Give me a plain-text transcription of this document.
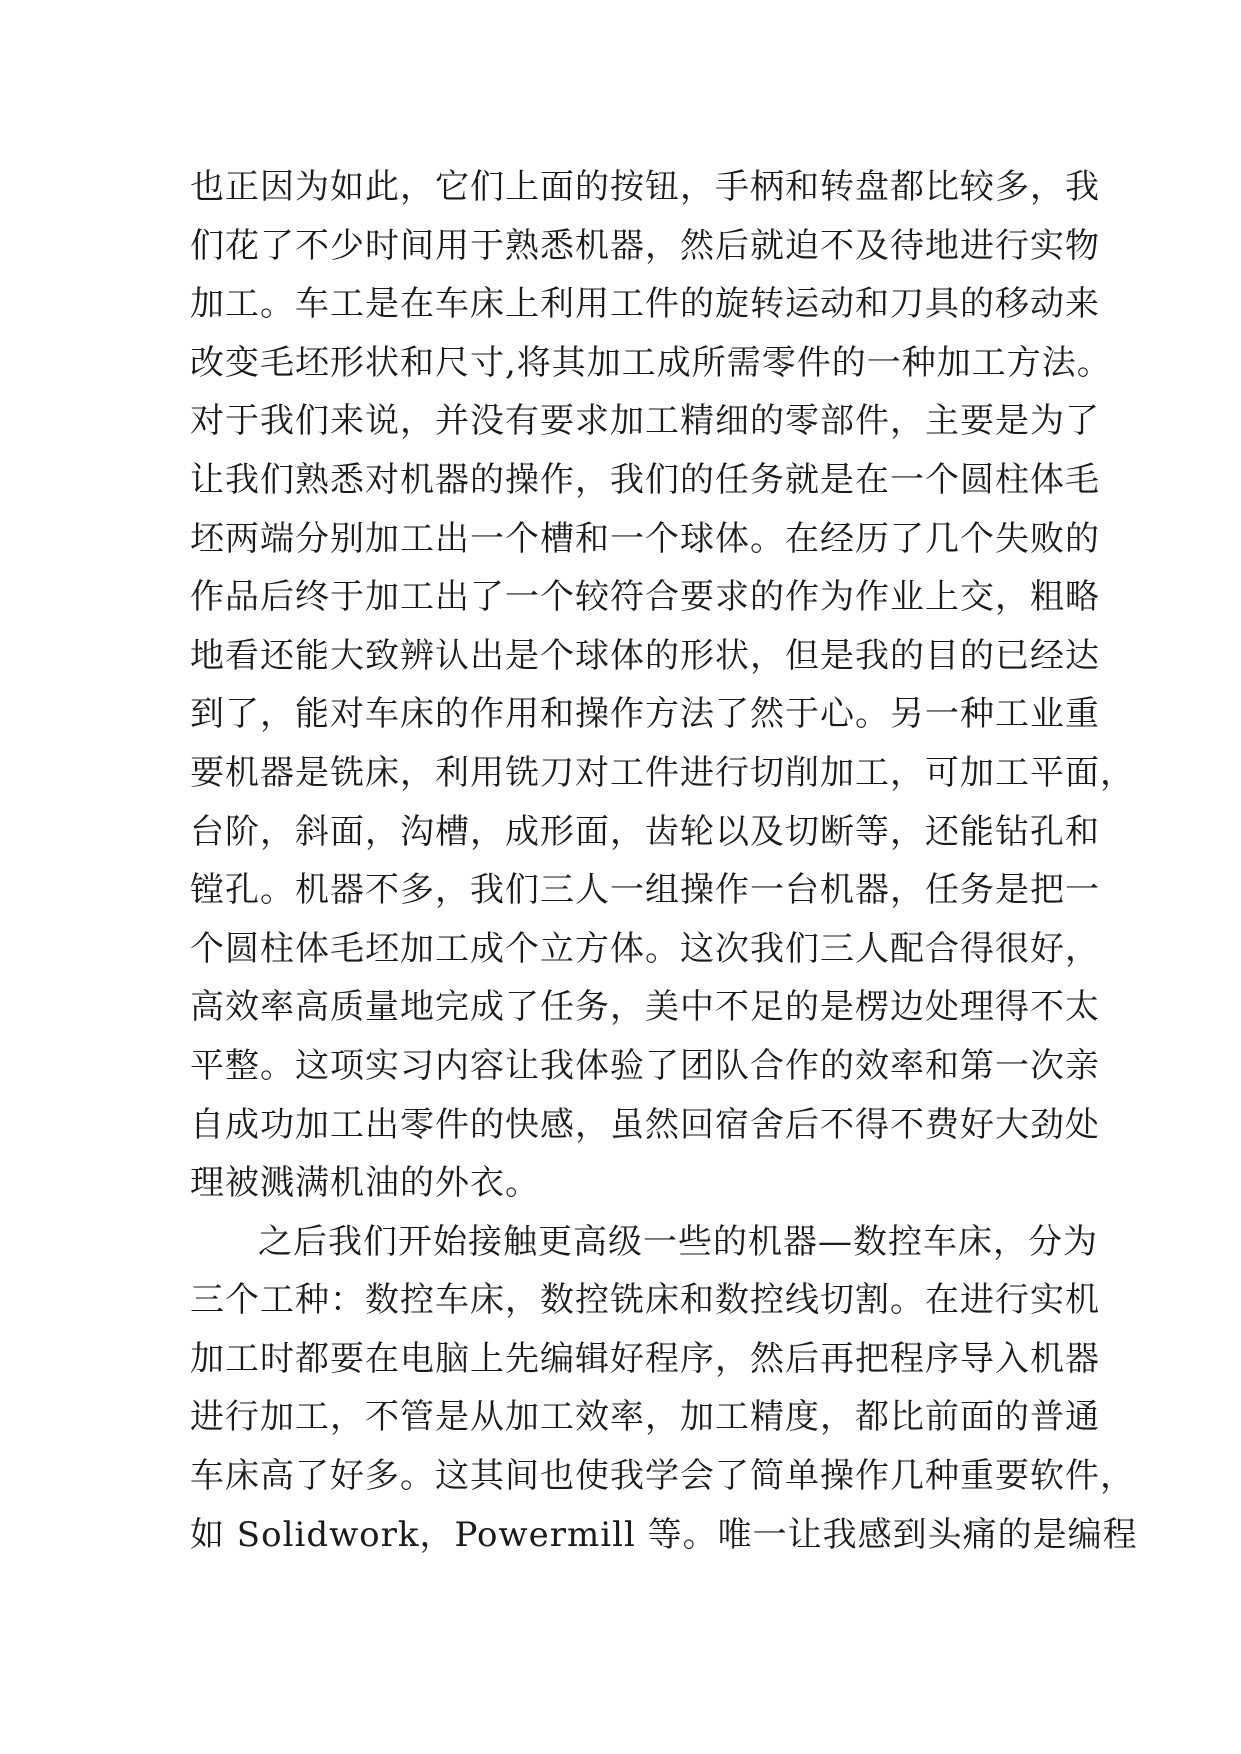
也正因为如此，它们上面的按钮，手柄和转盘都比较多，我
们花了不少时间用于熟悉机器，然后就迫不及待地进行实物
加工。车工是在车床上利用工件的旋转运动和刀具的移动来
改变毛坯形状和尺寸,将其加工成所需零件的一种加工方法。
对于我们来说，并没有要求加工精细的零部件，主要是为了
让我们熟悉对机器的操作，我们的任务就是在一个圆柱体毛
坯两端分别加工出一个槽和一个球体。在经历了几个失败的
作品后终于加工出了一个较符合要求的作为作业上交，粗略
地看还能大致辨认出是个球体的形状，但是我的目的已经达
到了，能对车床的作用和操作方法了然于心。另一种工业重
要机器是铣床，利用铣刀对工件进行切削加工，可加工平面，
台阶，斜面，沟槽，成形面，齿轮以及切断等，还能钻孔和
镗孔。机器不多，我们三人一组操作一台机器，任务是把一
个圆柱体毛坯加工成个立方体。这次我们三人配合得很好，
高效率高质量地完成了任务，美中不足的是楞边处理得不太
平整。这项实习内容让我体验了团队合作的效率和第一次亲
自成功加工出零件的快感，虽然回宿舍后不得不费好大劲处
理被溅满机油的外衣。
之后我们开始接触更高级一些的机器—数控车床，分为
三个工种：数控车床，数控铣床和数控线切割。在进行实机
加工时都要在电脑上先编辑好程序，然后再把程序导入机器
进行加工，不管是从加工效率，加工精度，都比前面的普通
车床高了好多。这其间也使我学会了简单操作几种重要软件，
如 Solidwork，Powermill 等。唯一让我感到头痛的是编程
